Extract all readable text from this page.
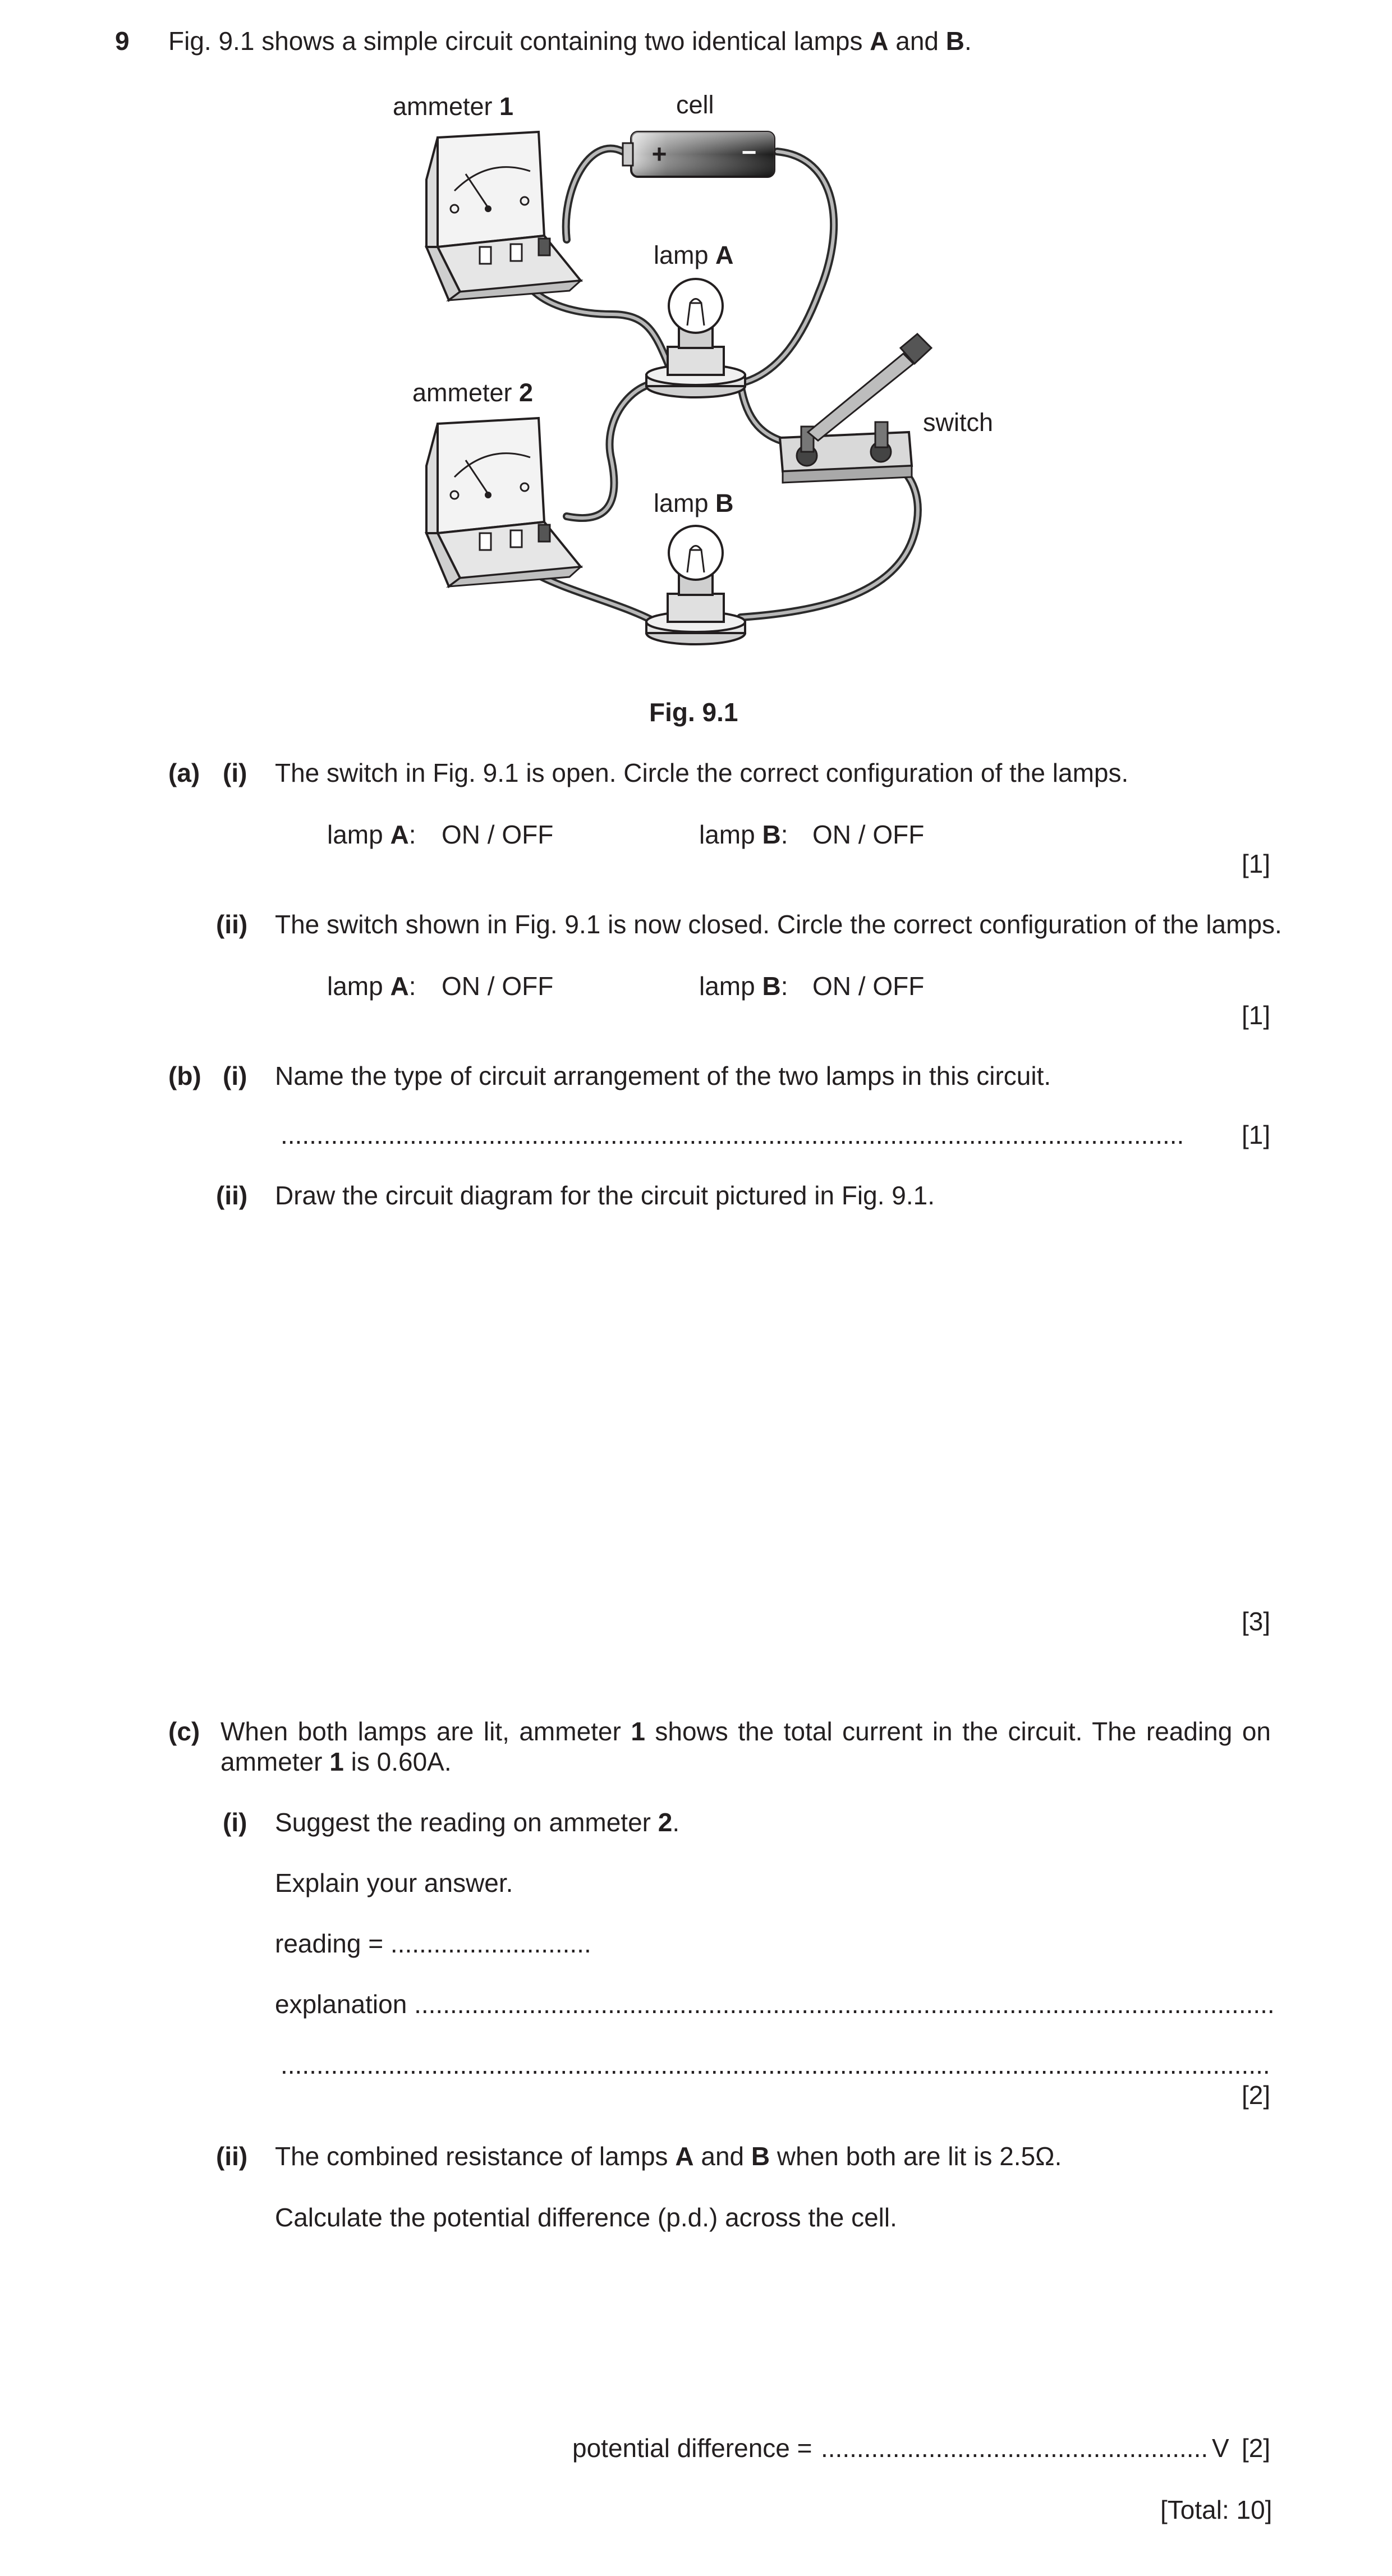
9 Fig. 9.1 shows a simple circuit containing two identical lamps A and B.
+	−
ammeter 1	cell
lamp A
ammeter 2
switch
lamp B
Fig. 9.1
(a) (i) The switch in Fig. 9.1 is open. Circle the correct configuration of the lamps.
lamp A: ON / OFF	lamp B: ON / OFF
[1]
(ii) The switch shown in Fig. 9.1 is now closed. Circle the correct configuration of the lamps.
lamp A: ON / OFF	lamp B: ON / OFF
[1]
(b) (i) Name the type of circuit arrangement of the two lamps in this circuit.
.............................................................................................................................. [1]
(ii) Draw the circuit diagram for the circuit pictured in Fig. 9.1.
[3]
(c) When both lamps are lit, ammeter 1 shows the total current in the circuit. The reading on
ammeter 1 is 0.60A.
(i) Suggest the reading on ammeter 2.
Explain your answer.
reading = ............................
explanation ........................................................................................................................
..........................................................................................................................................
[2]
(ii) The combined resistance of lamps A and B when both are lit is 2.5Ω.
Calculate the potential difference (p.d.) across the cell.
potential difference = ...................................................... V [2]
[Total: 10]
